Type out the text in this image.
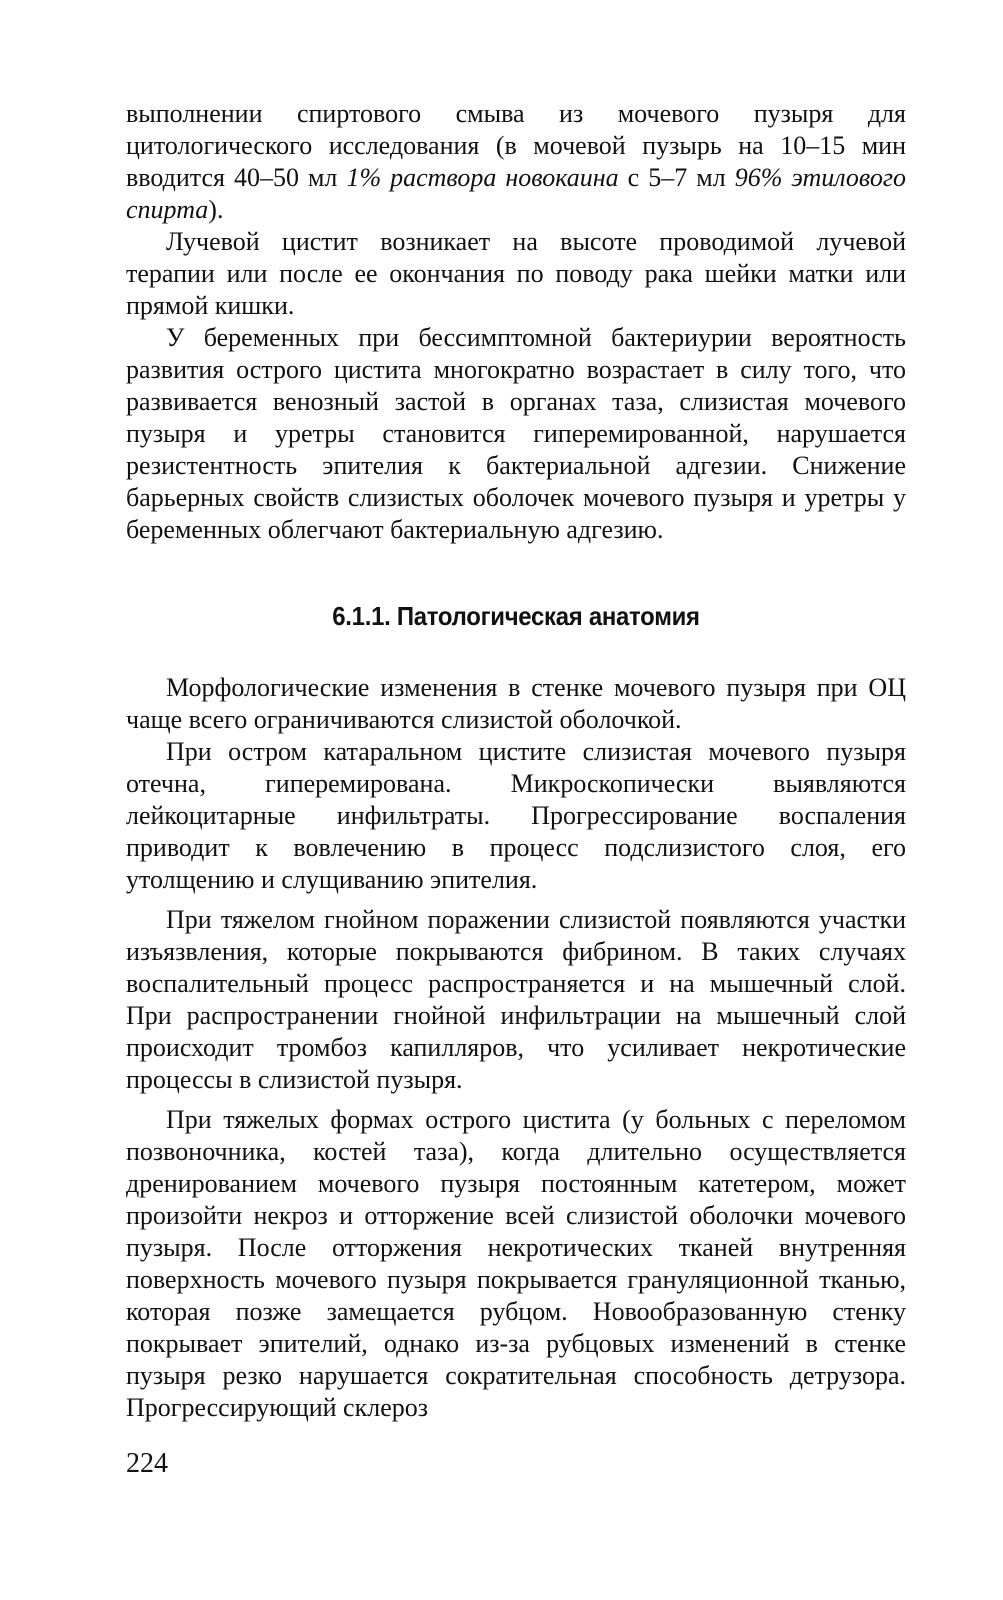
выполнении спиртового смыва из мочевого пузыря для цитологического исследования (в мочевой пузырь на 10–15 мин вводится 40–50 мл 1% раствора новокаина с 5–7 мл 96% этилового спирта).

Лучевой цистит возникает на высоте проводимой лучевой терапии или после ее окончания по поводу рака шейки матки или прямой кишки.

У беременных при бессимптомной бактериурии вероятность развития острого цистита многократно возрастает в силу того, что развивается венозный застой в органах таза, слизистая мочевого пузыря и уретры становится гиперемированной, нарушается резистентность эпителия к бактериальной адгезии. Снижение барьерных свойств слизистых оболочек мочевого пузыря и уретры у беременных облегчают бактериальную адгезию.

6.1.1. Патологическая анатомия

Морфологические изменения в стенке мочевого пузыря при ОЦ чаще всего ограничиваются слизистой оболочкой.

При остром катаральном цистите слизистая мочевого пузыря отечна, гиперемирована. Микроскопически выявляются лейкоцитарные инфильтраты. Прогрессирование воспаления приводит к вовлечению в процесс подслизистого слоя, его утолщению и слущиванию эпителия.

При тяжелом гнойном поражении слизистой появляются участки изъязвления, которые покрываются фибрином. В таких случаях воспалительный процесс распространяется и на мышечный слой. При распространении гнойной инфильтрации на мышечный слой происходит тромбоз капилляров, что усиливает некротические процессы в слизистой пузыря.

При тяжелых формах острого цистита (у больных с переломом позвоночника, костей таза), когда длительно осуществляется дренированием мочевого пузыря постоянным катетером, может произойти некроз и отторжение всей слизистой оболочки мочевого пузыря. После отторжения некротических тканей внутренняя поверхность мочевого пузыря покрывается грануляционной тканью, которая позже замещается рубцом. Новообразованную стенку покрывает эпителий, однако из-за рубцовых изменений в стенке пузыря резко нарушается сократительная способность детрузора. Прогрессирующий склероз

224
